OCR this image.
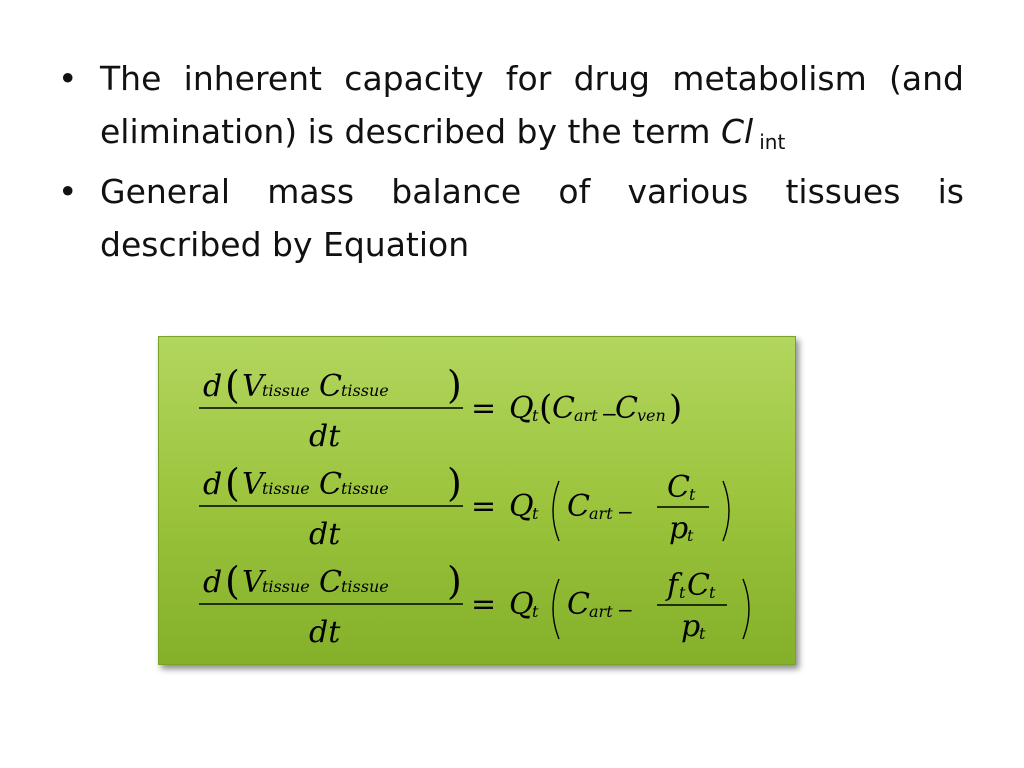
• The inherent capacity for drug metabolism (and elimination) is described by the term Cl int
• General mass balance of various tissues is described by Equation
d ( V
tissue C tissue )
dt
= Q
t ( C art −
C ven )
d ( V
tissue C tissue )
dt
= Q
t C art −
C t
p
t
d ( V
tissue C tissue )
dt
= Q
t C art −
f t C t
p
t
